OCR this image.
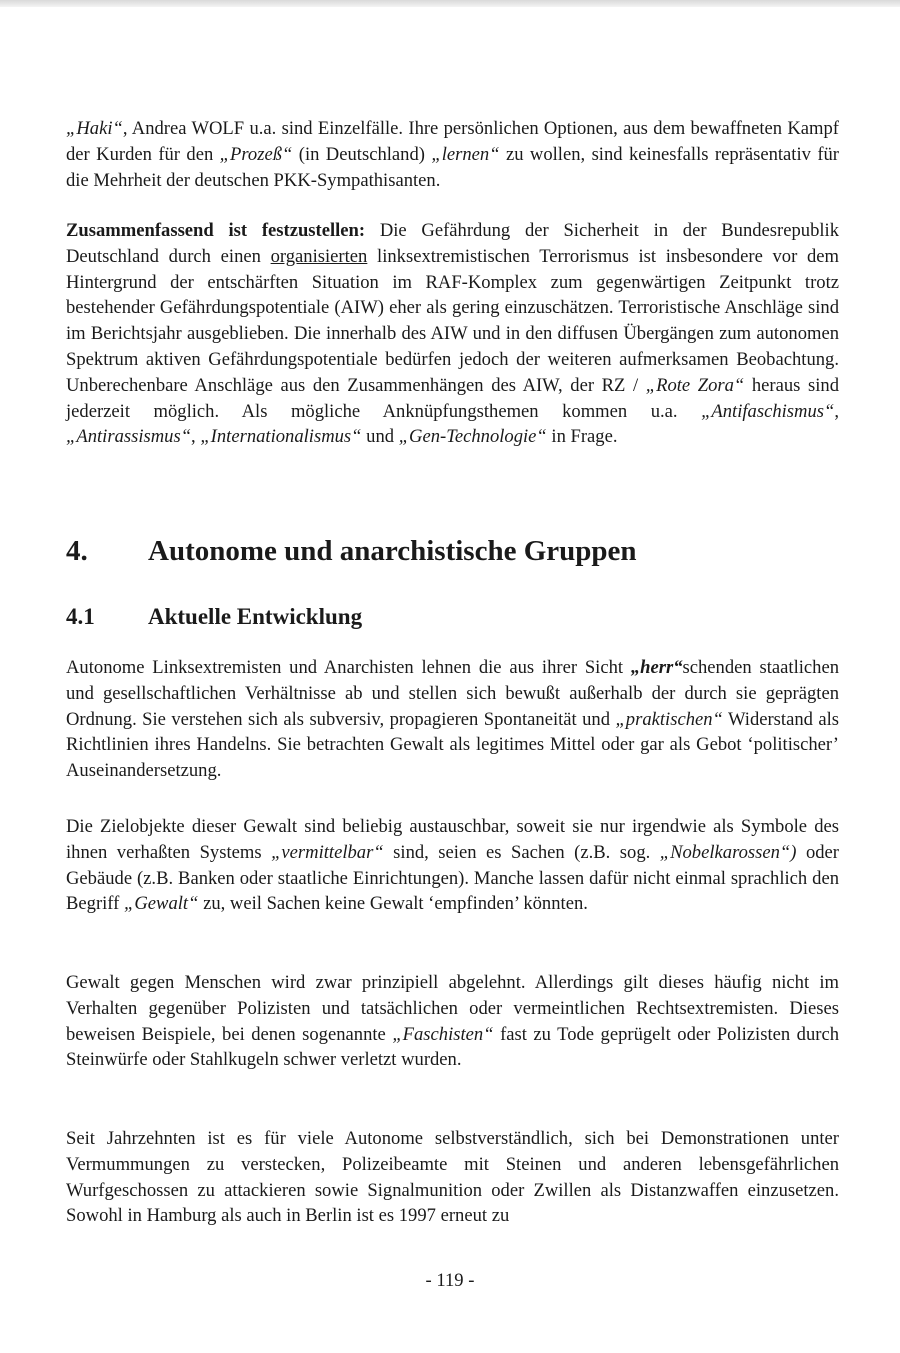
„Haki“, Andrea WOLF u.a. sind Einzelfälle. Ihre persönlichen Optionen, aus dem bewaffneten Kampf der Kurden für den „Prozeß“ (in Deutschland) „lernen“ zu wollen, sind keinesfalls repräsentativ für die Mehrheit der deutschen PKK-Sympathisanten.

Zusammenfassend ist festzustellen: Die Gefährdung der Sicherheit in der Bundesrepublik Deutschland durch einen organisierten linksextremistischen Terrorismus ist insbesondere vor dem Hintergrund der entschärften Situation im RAF-Komplex zum gegenwärtigen Zeitpunkt trotz bestehender Gefährdungspotentiale (AIW) eher als gering einzuschätzen. Terroristische Anschläge sind im Berichtsjahr ausgeblieben. Die innerhalb des AIW und in den diffusen Übergängen zum autonomen Spektrum aktiven Gefährdungspotentiale bedürfen jedoch der weiteren aufmerksamen Beobachtung. Unberechenbare Anschläge aus den Zusammenhängen des AIW, der RZ / „Rote Zora“ heraus sind jederzeit möglich. Als mögliche Anknüpfungsthemen kommen u.a. „Antifaschismus“, „Antirassismus“, „Internationalismus“ und „Gen-Technologie“ in Frage.

4. Autonome und anarchistische Gruppen
4.1 Aktuelle Entwicklung

Autonome Linksextremisten und Anarchisten lehnen die aus ihrer Sicht „herr“schenden staatlichen und gesellschaftlichen Verhältnisse ab und stellen sich bewußt außerhalb der durch sie geprägten Ordnung. Sie verstehen sich als subversiv, propagieren Spontaneität und „praktischen“ Widerstand als Richtlinien ihres Handelns. Sie betrachten Gewalt als legitimes Mittel oder gar als Gebot ‘politischer’ Auseinandersetzung.

Die Zielobjekte dieser Gewalt sind beliebig austauschbar, soweit sie nur irgendwie als Symbole des ihnen verhaßten Systems „vermittelbar“ sind, seien es Sachen (z.B. sog. „Nobelkarossen“) oder Gebäude (z.B. Banken oder staatliche Einrichtungen). Manche lassen dafür nicht einmal sprachlich den Begriff „Gewalt“ zu, weil Sachen keine Gewalt ‘empfinden’ könnten.

Gewalt gegen Menschen wird zwar prinzipiell abgelehnt. Allerdings gilt dieses häufig nicht im Verhalten gegenüber Polizisten und tatsächlichen oder vermeintlichen Rechtsextremisten. Dieses beweisen Beispiele, bei denen sogenannte „Faschisten“ fast zu Tode geprügelt oder Polizisten durch Steinwürfe oder Stahlkugeln schwer verletzt wurden.

Seit Jahrzehnten ist es für viele Autonome selbstverständlich, sich bei Demonstrationen unter Vermummungen zu verstecken, Polizeibeamte mit Steinen und anderen lebensgefährlichen Wurfgeschossen zu attackieren sowie Signalmunition oder Zwillen als Distanzwaffen einzusetzen. Sowohl in Hamburg als auch in Berlin ist es 1997 erneut zu

- 119 -
